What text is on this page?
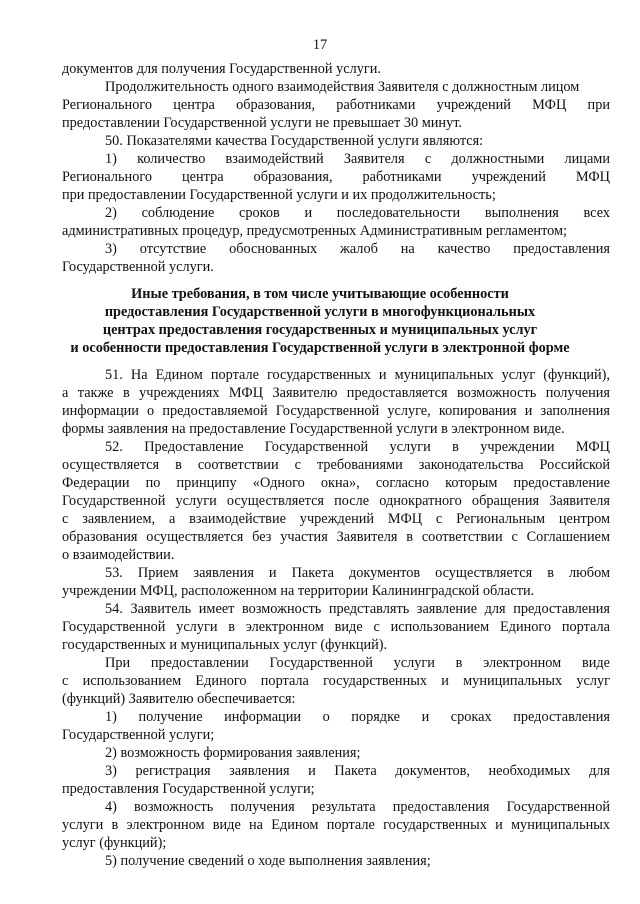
17
документов для получения Государственной услуги.
Продолжительность одного взаимодействия Заявителя с должностным лицом
Регионального центра образования, работниками учреждений МФЦ при
предоставлении Государственной услуги не превышает 30 минут.
50. Показателями качества Государственной услуги являются:
1) количество взаимодействий Заявителя с должностными лицами
Регионального центра образования, работниками учреждений МФЦ
при предоставлении Государственной услуги и их продолжительность;
2) соблюдение сроков и последовательности выполнения всех
административных процедур, предусмотренных Административным регламентом;
3) отсутствие обоснованных жалоб на качество предоставления
Государственной услуги.
Иные требования, в том числе учитывающие особенности
предоставления Государственной услуги в многофункциональных
центрах предоставления государственных и муниципальных услуг
и особенности предоставления Государственной услуги в электронной форме
51. На Едином портале государственных и муниципальных услуг (функций),
а также в учреждениях МФЦ Заявителю предоставляется возможность получения
информации о предоставляемой Государственной услуге, копирования и заполнения
формы заявления на предоставление Государственной услуги в электронном виде.
52. Предоставление Государственной услуги в учреждении МФЦ
осуществляется в соответствии с требованиями законодательства Российской
Федерации по принципу «Одного окна», согласно которым предоставление
Государственной услуги осуществляется после однократного обращения Заявителя
с заявлением, а взаимодействие учреждений МФЦ с Региональным центром
образования осуществляется без участия Заявителя в соответствии с Соглашением
о взаимодействии.
53. Прием заявления и Пакета документов осуществляется в любом
учреждении МФЦ, расположенном на территории Калининградской области.
54. Заявитель имеет возможность представлять заявление для предоставления
Государственной услуги в электронном виде с использованием Единого портала
государственных и муниципальных услуг (функций).
При предоставлении Государственной услуги в электронном виде
с использованием Единого портала государственных и муниципальных услуг
(функций) Заявителю обеспечивается:
1) получение информации о порядке и сроках предоставления
Государственной услуги;
2) возможность формирования заявления;
3) регистрация заявления и Пакета документов, необходимых для
предоставления Государственной услуги;
4) возможность получения результата предоставления Государственной
услуги в электронном виде на Едином портале государственных и муниципальных
услуг (функций);
5) получение сведений о ходе выполнения заявления;
